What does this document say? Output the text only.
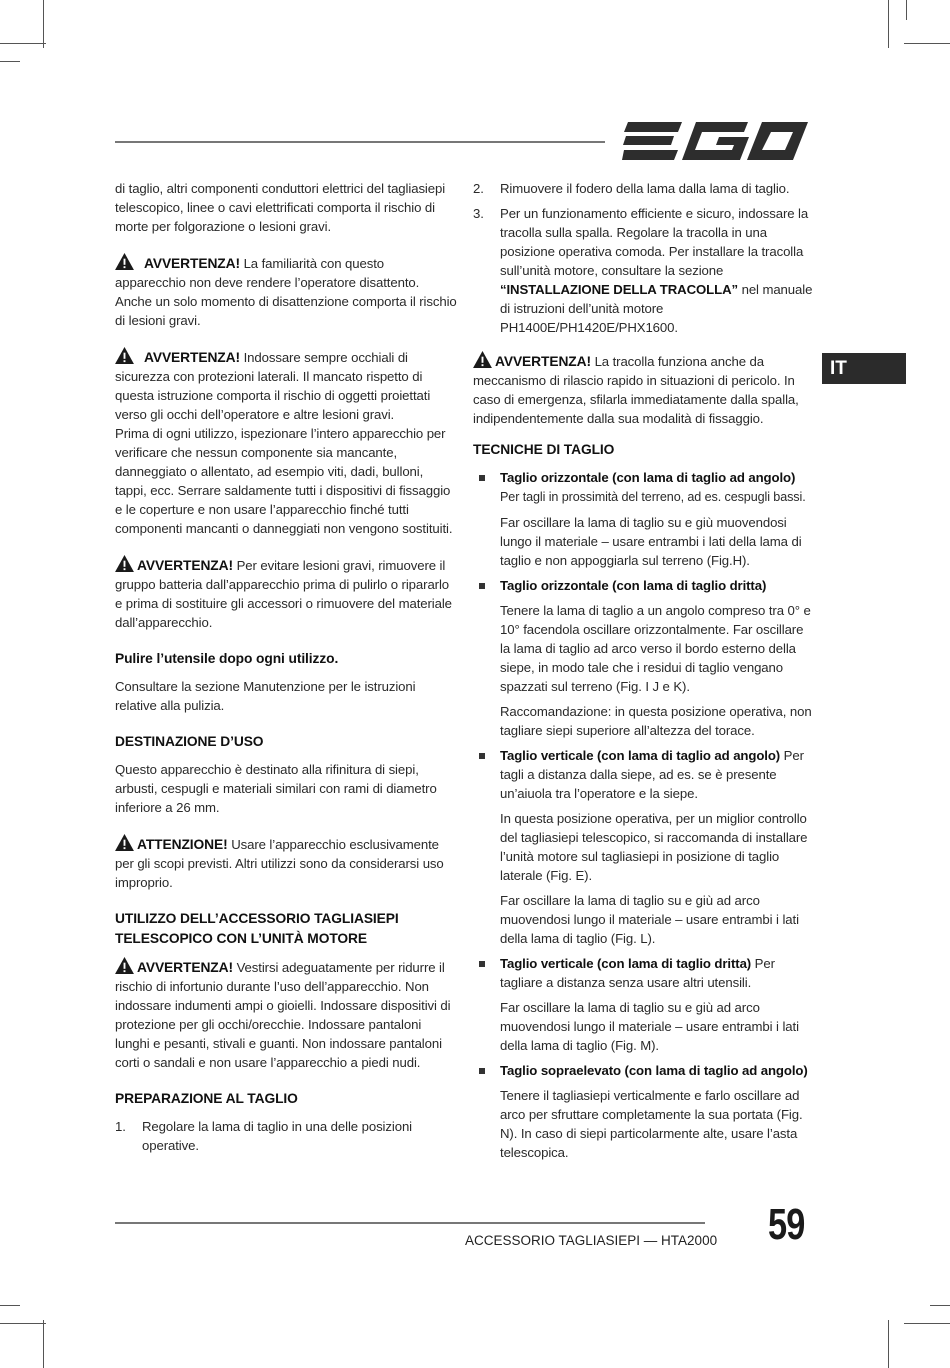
IT

di taglio, altri componenti conduttori elettrici del tagliasiepi telescopico, linee o cavi elettrificati comporta il rischio di morte per folgorazione o lesioni gravi.

AVVERTENZA! La familiarità con questo apparecchio non deve rendere l’operatore disattento. Anche un solo momento di disattenzione comporta il rischio di lesioni gravi.

AVVERTENZA! Indossare sempre occhiali di sicurezza con protezioni laterali. Il mancato rispetto di questa istruzione comporta il rischio di oggetti proiettati verso gli occhi dell’operatore e altre lesioni gravi.

Prima di ogni utilizzo, ispezionare l’intero apparecchio per verificare che nessun componente sia mancante, danneggiato o allentato, ad esempio viti, dadi, bulloni, tappi, ecc. Serrare saldamente tutti i dispositivi di fissaggio e le coperture e non usare l’apparecchio finché tutti componenti mancanti o danneggiati non vengono sostituiti.

AVVERTENZA! Per evitare lesioni gravi, rimuovere il gruppo batteria dall’apparecchio prima di pulirlo o ripararlo e prima di sostituire gli accessori o rimuovere del materiale dall’apparecchio.

Pulire l’utensile dopo ogni utilizzo.

Consultare la sezione Manutenzione per le istruzioni relative alla pulizia.

DESTINAZIONE D’USO

Questo apparecchio è destinato alla rifinitura di siepi, arbusti, cespugli e materiali similari con rami di diametro inferiore a 26 mm.

ATTENZIONE! Usare l’apparecchio esclusivamente per gli scopi previsti. Altri utilizzi sono da considerarsi uso improprio.

UTILIZZO DELL’ACCESSORIO TAGLIASIEPI
TELESCOPICO CON L’UNITÀ MOTORE

AVVERTENZA! Vestirsi adeguatamente per ridurre il rischio di infortunio durante l’uso dell’apparecchio. Non indossare indumenti ampi o gioielli. Indossare dispositivi di protezione per gli occhi/orecchie. Indossare pantaloni lunghi e pesanti, stivali e guanti. Non indossare pantaloni corti o sandali e non usare l’apparecchio a piedi nudi.

PREPARAZIONE AL TAGLIO
1. Regolare la lama di taglio in una delle posizioni operative.
2. Rimuovere il fodero della lama dalla lama di taglio.
3. Per un funzionamento efficiente e sicuro, indossare la tracolla sulla spalla. Regolare la tracolla in una posizione operativa comoda. Per installare la tracolla sull’unità motore, consultare la sezione “INSTALLAZIONE DELLA TRACOLLA” nel manuale di istruzioni dell’unità motore PH1400E/PH1420E/PHX1600.

AVVERTENZA! La tracolla funziona anche da meccanismo di rilascio rapido in situazioni di pericolo. In caso di emergenza, sfilarla immediatamente dalla spalla, indipendentemente dalla sua modalità di fissaggio.

TECNICHE DI TAGLIO

Taglio orizzontale (con lama di taglio ad angolo) Per tagli in prossimità del terreno, ad es. cespugli bassi.

Far oscillare la lama di taglio su e giù muovendosi lungo il materiale – usare entrambi i lati della lama di taglio e non appoggiarla sul terreno (Fig.H).

Taglio orizzontale (con lama di taglio dritta)

Tenere la lama di taglio a un angolo compreso tra 0° e 10° facendola oscillare orizzontalmente. Far oscillare la lama di taglio ad arco verso il bordo esterno della siepe, in modo tale che i residui di taglio vengano spazzati sul terreno (Fig. I J e K).

Raccomandazione: in questa posizione operativa, non tagliare siepi superiore all’altezza del torace.

Taglio verticale (con lama di taglio ad angolo) Per tagli a distanza dalla siepe, ad es. se è presente un’aiuola tra l’operatore e la siepe.

In questa posizione operativa, per un miglior controllo del tagliasiepi telescopico, si raccomanda di installare l’unità motore sul tagliasiepi in posizione di taglio laterale (Fig. E).

Far oscillare la lama di taglio su e giù ad arco muovendosi lungo il materiale – usare entrambi i lati della lama di taglio (Fig. L).

Taglio verticale (con lama di taglio dritta) Per tagliare a distanza senza usare altri utensili.

Far oscillare la lama di taglio su e giù ad arco muovendosi lungo il materiale – usare entrambi i lati della lama di taglio (Fig. M).

Taglio sopraelevato (con lama di taglio ad angolo)

Tenere il tagliasiepi verticalmente e farlo oscillare ad arco per sfruttare completamente la sua portata (Fig. N). In caso di siepi particolarmente alte, usare l’asta telescopica.

ACCESSORIO TAGLIASIEPI — HTA2000 59
